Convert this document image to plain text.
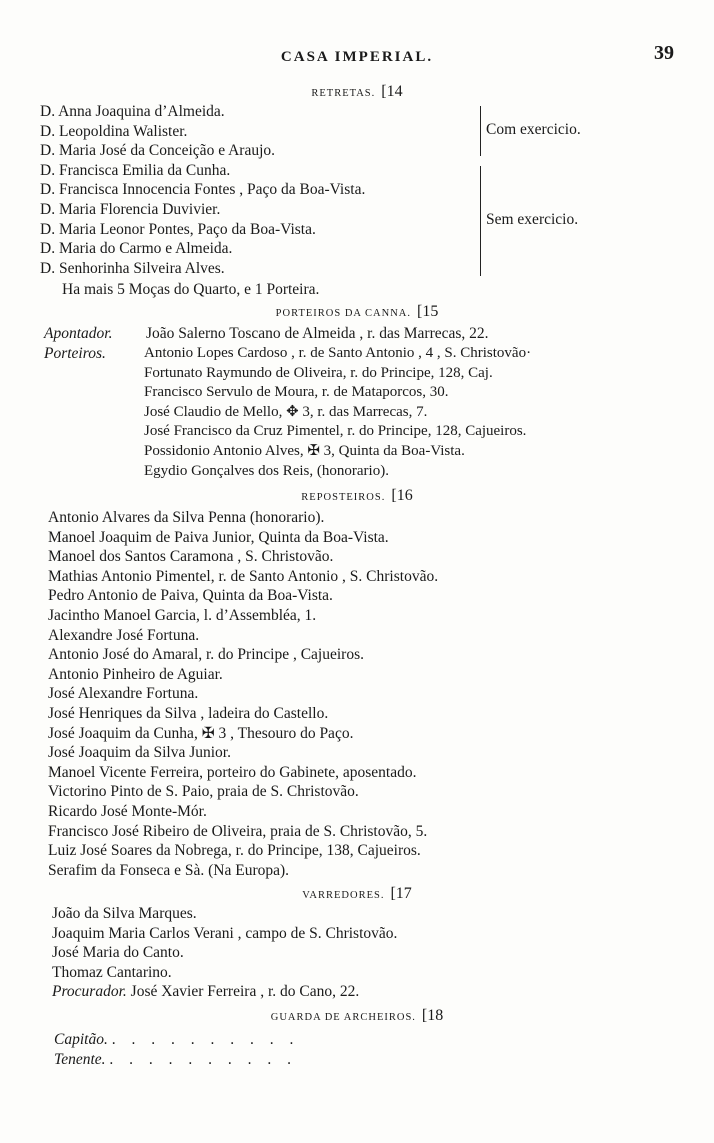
CASA IMPERIAL.	39
RETRETAS. [14
D. Anna Joaquina d’Almeida.
D. Leopoldina Walister.
D. Maria José da Conceição e Araujo.
D. Francisca Emilia da Cunha.
D. Francisca Innocencia Fontes , Paço da Boa-Vista.
D. Maria Florencia Duvivier.
D. Maria Leonor Pontes, Paço da Boa-Vista.
D. Maria do Carmo e Almeida.
D. Senhorinha Silveira Alves.
Com exercicio.
Sem exercicio.
Ha mais 5 Moças do Quarto, e 1 Porteira.
PORTEIROS DA CANNA. [15
Apontador. João Salerno Toscano de Almeida , r. das Marrecas, 22.
Porteiros.	Antonio Lopes Cardoso , r. de Santo Antonio , 4 , S. Christovão·
Fortunato Raymundo de Oliveira, r. do Principe, 128, Caj.
Francisco Servulo de Moura, r. de Mataporcos, 30.
José Claudio de Mello, ✥ 3, r. das Marrecas, 7.
José Francisco da Cruz Pimentel, r. do Principe, 128, Cajueiros.
Possidonio Antonio Alves, ✠ 3, Quinta da Boa-Vista.
Egydio Gonçalves dos Reis, (honorario).
REPOSTEIROS. [16
Antonio Alvares da Silva Penna (honorario).
Manoel Joaquim de Paiva Junior, Quinta da Boa-Vista.
Manoel dos Santos Caramona , S. Christovão.
Mathias Antonio Pimentel, r. de Santo Antonio , S. Christovão.
Pedro Antonio de Paiva, Quinta da Boa-Vista.
Jacintho Manoel Garcia, l. d’Assembléa, 1.
Alexandre José Fortuna.
Antonio José do Amaral, r. do Principe , Cajueiros.
Antonio Pinheiro de Aguiar.
José Alexandre Fortuna.
José Henriques da Silva , ladeira do Castello.
José Joaquim da Cunha, ✠ 3 , Thesouro do Paço.
José Joaquim da Silva Junior.
Manoel Vicente Ferreira, porteiro do Gabinete, aposentado.
Victorino Pinto de S. Paio, praia de S. Christovão.
Ricardo José Monte-Mór.
Francisco José Ribeiro de Oliveira, praia de S. Christovão, 5.
Luiz José Soares da Nobrega, r. do Principe, 138, Cajueiros.
Serafim da Fonseca e Sà. (Na Europa).
VARREDORES. [17
João da Silva Marques.
Joaquim Maria Carlos Verani , campo de S. Christovão.
José Maria do Canto.
Thomaz Cantarino.
Procurador. José Xavier Ferreira , r. do Cano, 22.
GUARDA DE ARCHEIROS. [18
Capitão. . . . . . . . . . .
Tenente. . . . . . . . . . .
